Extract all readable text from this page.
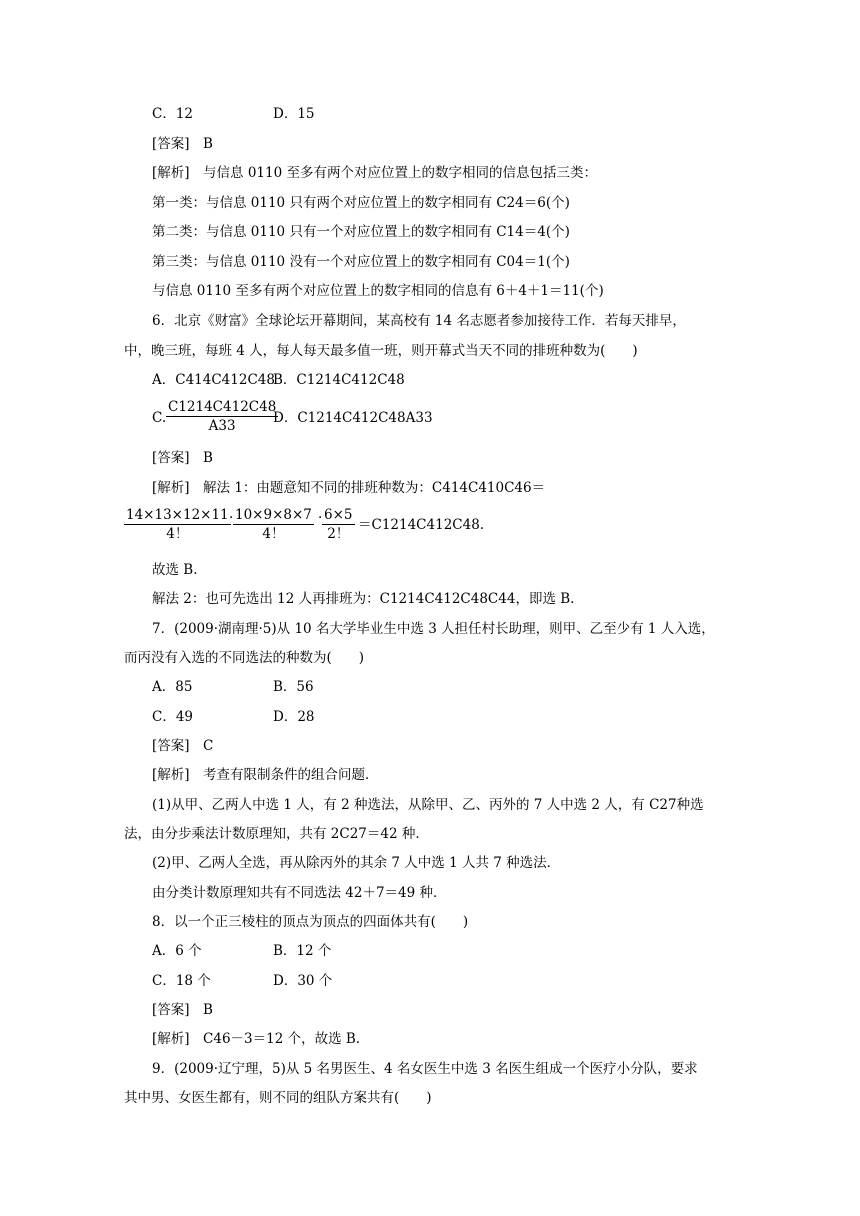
C．12	D．15
[答案]　B
[解析]　与信息 0110 至多有两个对应位置上的数字相同的信息包括三类：
第一类：与信息 0110 只有两个对应位置上的数字相同有 C24＝6(个)
第二类：与信息 0110 只有一个对应位置上的数字相同有 C14＝4(个)
第三类：与信息 0110 没有一个对应位置上的数字相同有 C04＝1(个)
与信息 0110 至多有两个对应位置上的数字相同的信息有 6＋4＋1＝11(个)
6．北京《财富》全球论坛开幕期间，某高校有 14 名志愿者参加接待工作．若每天排早，
中，晚三班，每班 4 人，每人每天最多值一班，则开幕式当天不同的排班种数为(　　)
A．C414C412C48
B．C1214C412C48
C. $\frac{C1214C412C48}{A33}$
D．C1214C412C48A33
[答案]　B
[解析]　解法 1：由题意知不同的排班种数为：C414C410C46＝
$\frac{14\times 13\times 12\times 11}{4!}$
· $\frac{10\times 9\times 8\times 7}{4!} \cdot \frac{6\times 5}{2!} =C1214C412C48$.
故选 B.
解法 2：也可先选出 12 人再排班为：C1214C412C48C44，即选 B.
7．(2009·湖南理·5)从 10 名大学毕业生中选 3 人担任村长助理，则甲、乙至少有 1 人入选，
而丙没有入选的不同选法的种数为(　　)
A．85	B．56
C．49	D．28
[答案]　C
[解析]　考查有限制条件的组合问题．
(1)从甲、乙两人中选 1 人，有 2 种选法，从除甲、乙、丙外的 7 人中选 2 人，有 C27种选
法，由分步乘法计数原理知，共有 2C27＝42 种．
(2)甲、乙两人全选，再从除丙外的其余 7 人中选 1 人共 7 种选法．
由分类计数原理知共有不同选法 42＋7＝49 种．
8．以一个正三棱柱的顶点为顶点的四面体共有(　　)
A．6 个	B．12 个
C．18 个	D．30 个
[答案]　B
[解析]　C46－3＝12 个，故选 B.
9．(2009·辽宁理，5)从 5 名男医生、4 名女医生中选 3 名医生组成一个医疗小分队，要求
其中男、女医生都有，则不同的组队方案共有(　　)
